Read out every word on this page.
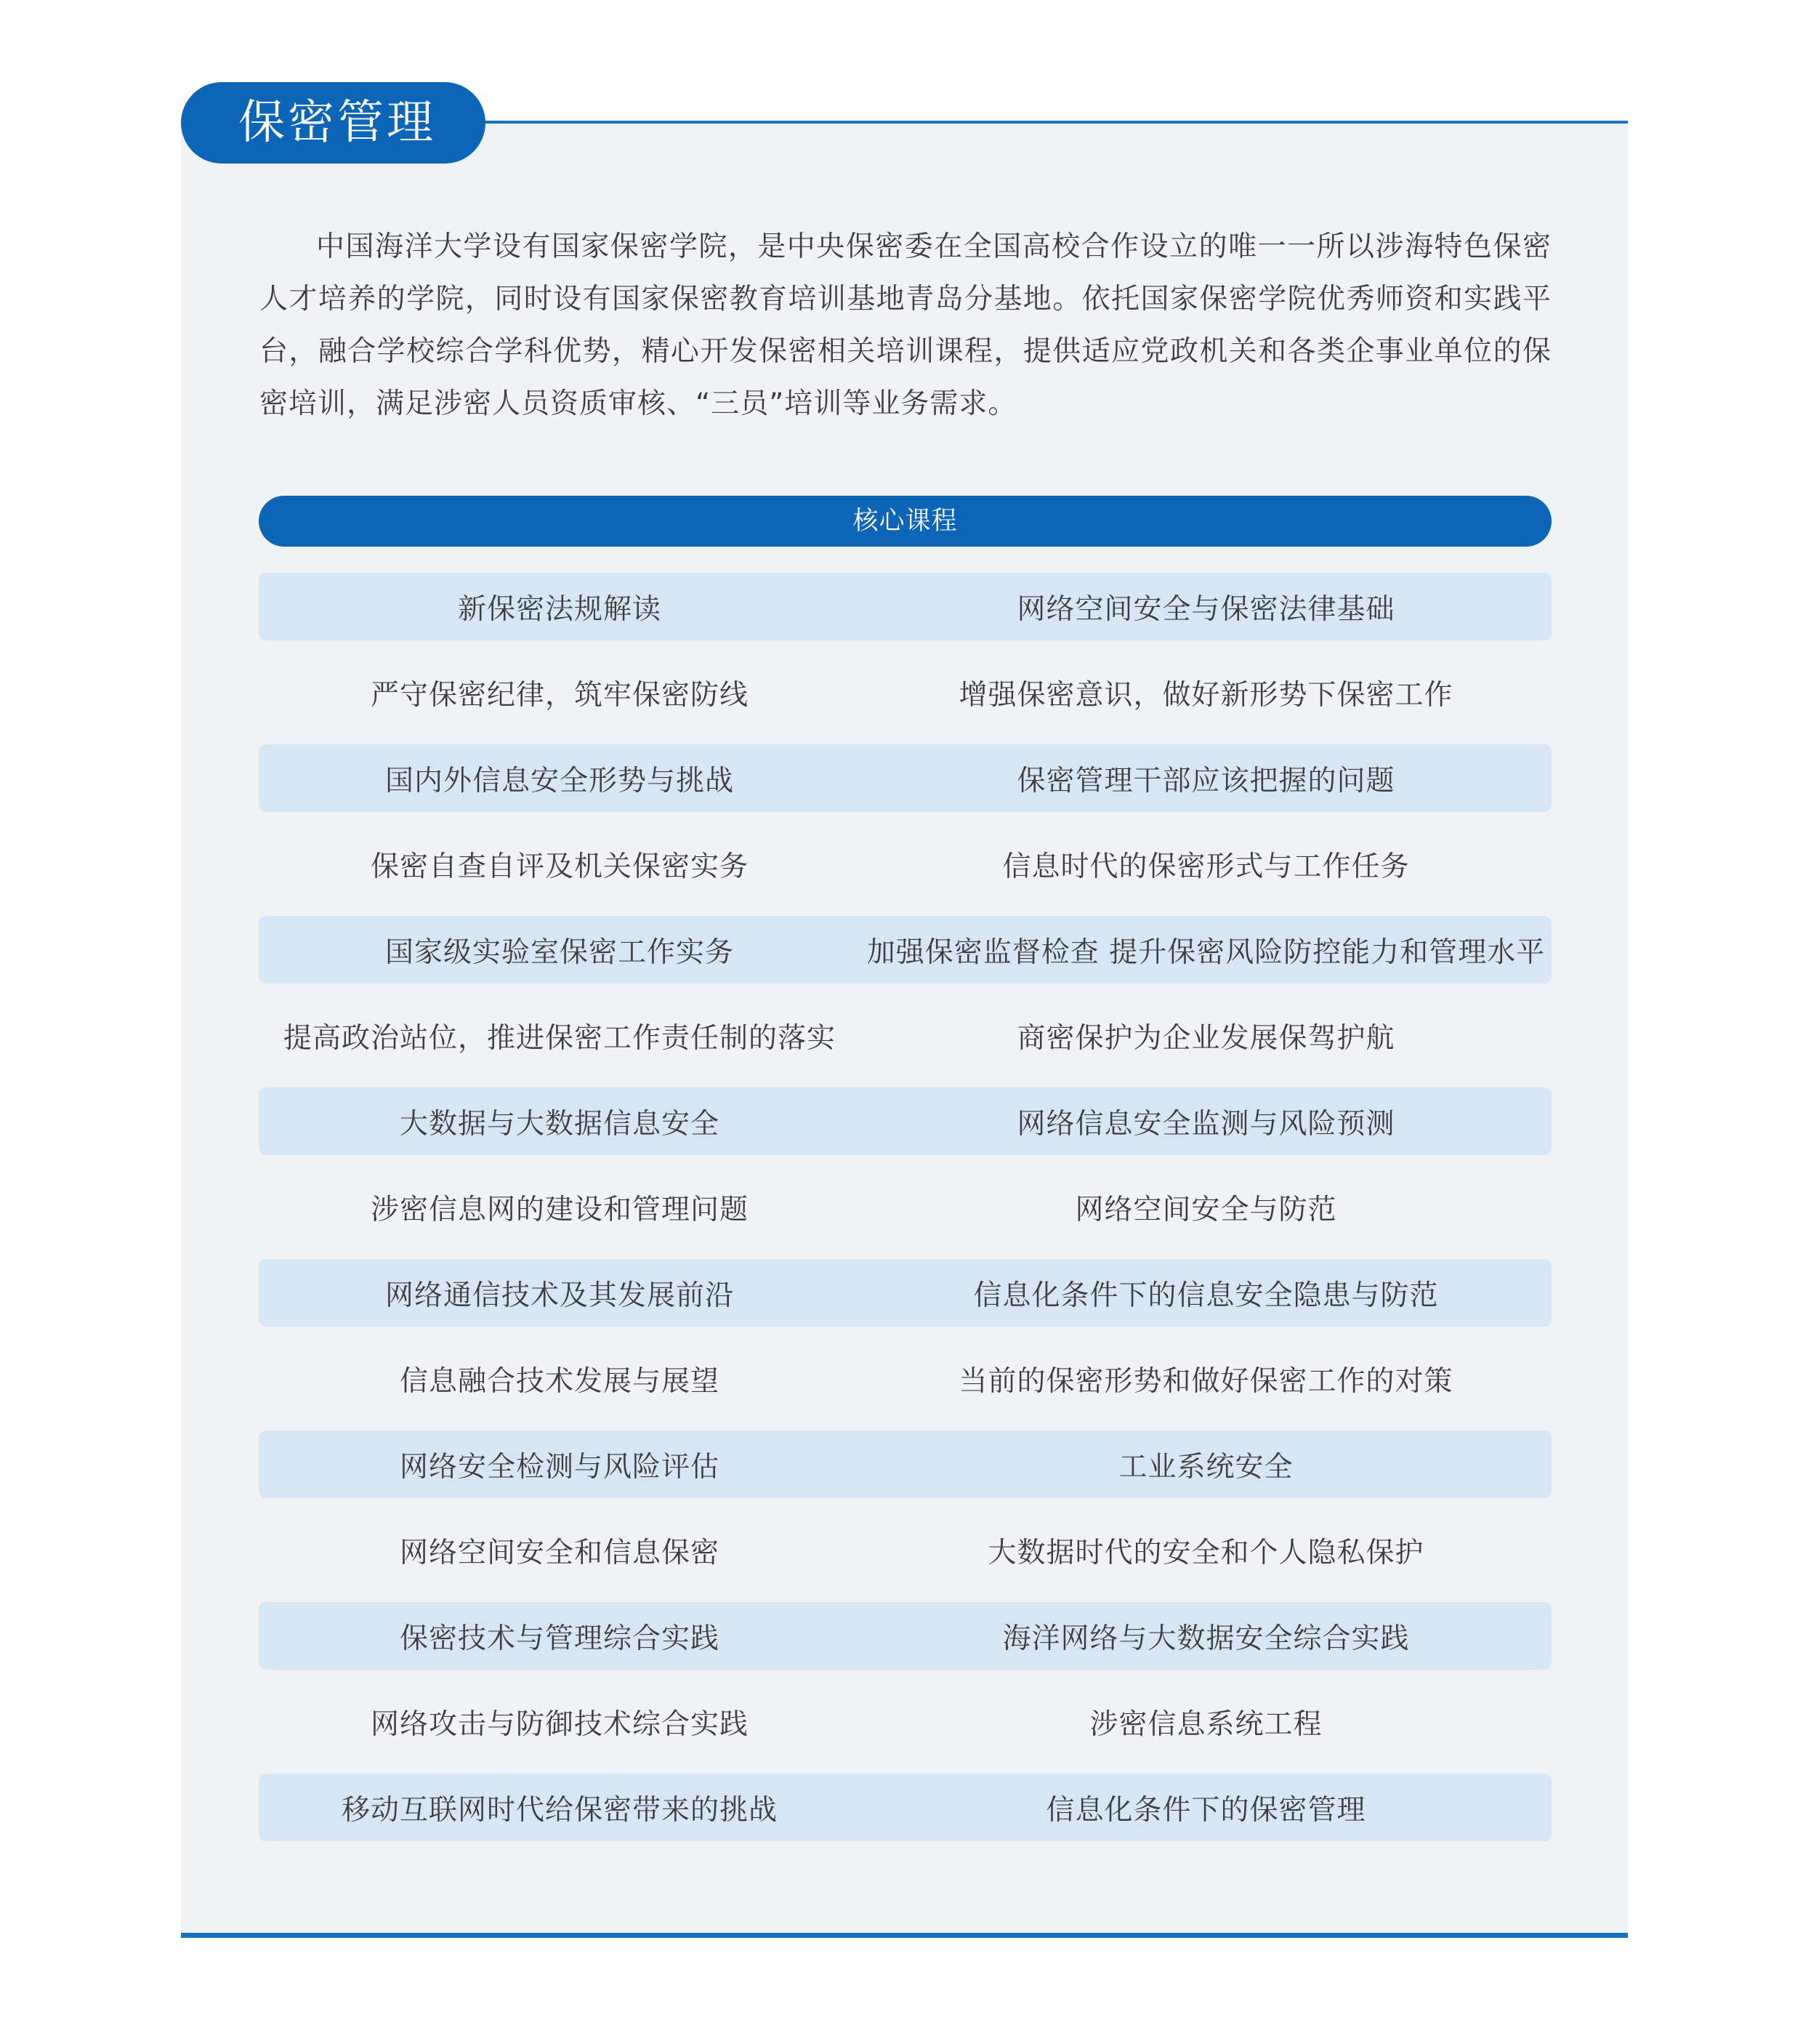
保密管理

中国海洋大学设有国家保密学院，是中央保密委在全国高校合作设立的唯一一所以涉海特色保密人才培养的学院，同时设有国家保密教育培训基地青岛分基地。依托国家保密学院优秀师资和实践平台，融合学校综合学科优势，精心开发保密相关培训课程，提供适应党政机关和各类企事业单位的保密培训，满足涉密人员资质审核、“三员”培训等业务需求。

核心课程
新保密法规解读	网络空间安全与保密法律基础
严守保密纪律，筑牢保密防线	增强保密意识，做好新形势下保密工作
国内外信息安全形势与挑战	保密管理干部应该把握的问题
保密自查自评及机关保密实务	信息时代的保密形式与工作任务
国家级实验室保密工作实务	加强保密监督检查 提升保密风险防控能力和管理水平
提高政治站位，推进保密工作责任制的落实	商密保护为企业发展保驾护航
大数据与大数据信息安全	网络信息安全监测与风险预测
涉密信息网的建设和管理问题	网络空间安全与防范
网络通信技术及其发展前沿	信息化条件下的信息安全隐患与防范
信息融合技术发展与展望	当前的保密形势和做好保密工作的对策
网络安全检测与风险评估	工业系统安全
网络空间安全和信息保密	大数据时代的安全和个人隐私保护
保密技术与管理综合实践	海洋网络与大数据安全综合实践
网络攻击与防御技术综合实践	涉密信息系统工程
移动互联网时代给保密带来的挑战	信息化条件下的保密管理
